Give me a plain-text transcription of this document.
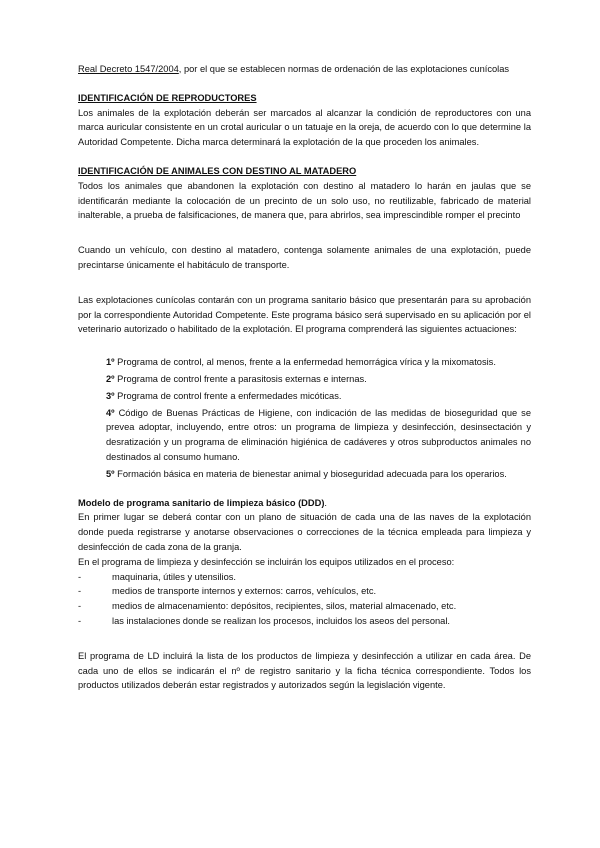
Real Decreto 1547/2004, por el que se establecen normas de ordenación de las explotaciones cunícolas

IDENTIFICACIÓN DE REPRODUCTORES

Los animales de la explotación deberán ser marcados al alcanzar la condición de reproductores con una marca auricular consistente en un crotal auricular o un tatuaje en la oreja, de acuerdo con lo que determine la Autoridad Competente. Dicha marca determinará la explotación de la que proceden los animales.

IDENTIFICACIÓN DE ANIMALES CON DESTINO AL MATADERO

Todos los animales que abandonen la explotación con destino al matadero lo harán en jaulas que se identificarán mediante la colocación de un precinto de un solo uso, no reutilizable, fabricado de material inalterable, a prueba de falsificaciones, de manera que, para abrirlos, sea imprescindible romper el precinto

Cuando un vehículo, con destino al matadero, contenga solamente animales de una explotación, puede precintarse únicamente el habitáculo de transporte.

Las explotaciones cunícolas contarán con un programa sanitario básico que presentarán para su aprobación por la correspondiente Autoridad Competente. Este programa básico será supervisado en su aplicación por el veterinario autorizado o habilitado de la explotación. El programa comprenderá las siguientes actuaciones:

1º Programa de control, al menos, frente a la enfermedad hemorrágica vírica y la mixomatosis.
2º Programa de control frente a parasitosis externas e internas.
3º Programa de control frente a enfermedades micóticas.
4º Código de Buenas Prácticas de Higiene, con indicación de las medidas de bioseguridad que se prevea adoptar, incluyendo, entre otros: un programa de limpieza y desinfección, desinsectación y desratización y un programa de eliminación higiénica de cadáveres y otros subproductos animales no destinados al consumo humano.
5º Formación básica en materia de bienestar animal y bioseguridad adecuada para los operarios.

Modelo de programa sanitario de limpieza básico (DDD).

En primer lugar se deberá contar con un plano de situación de cada una de las naves de la explotación donde pueda registrarse y anotarse observaciones o correcciones de la técnica empleada para limpieza y desinfección de cada zona de la granja.

En el programa de limpieza y desinfección se incluirán los equipos utilizados en el proceso:

- maquinaria, útiles y utensilios.
- medios de transporte internos y externos: carros, vehículos, etc.
- medios de almacenamiento: depósitos, recipientes, silos, material almacenado, etc.
- las instalaciones donde se realizan los procesos, incluidos los aseos del personal.

El programa de LD incluirá la lista de los productos de limpieza y desinfección a utilizar en cada área. De cada uno de ellos se indicarán el nº de registro sanitario y la ficha técnica correspondiente. Todos los productos utilizados deberán estar registrados y autorizados según la legislación vigente.
